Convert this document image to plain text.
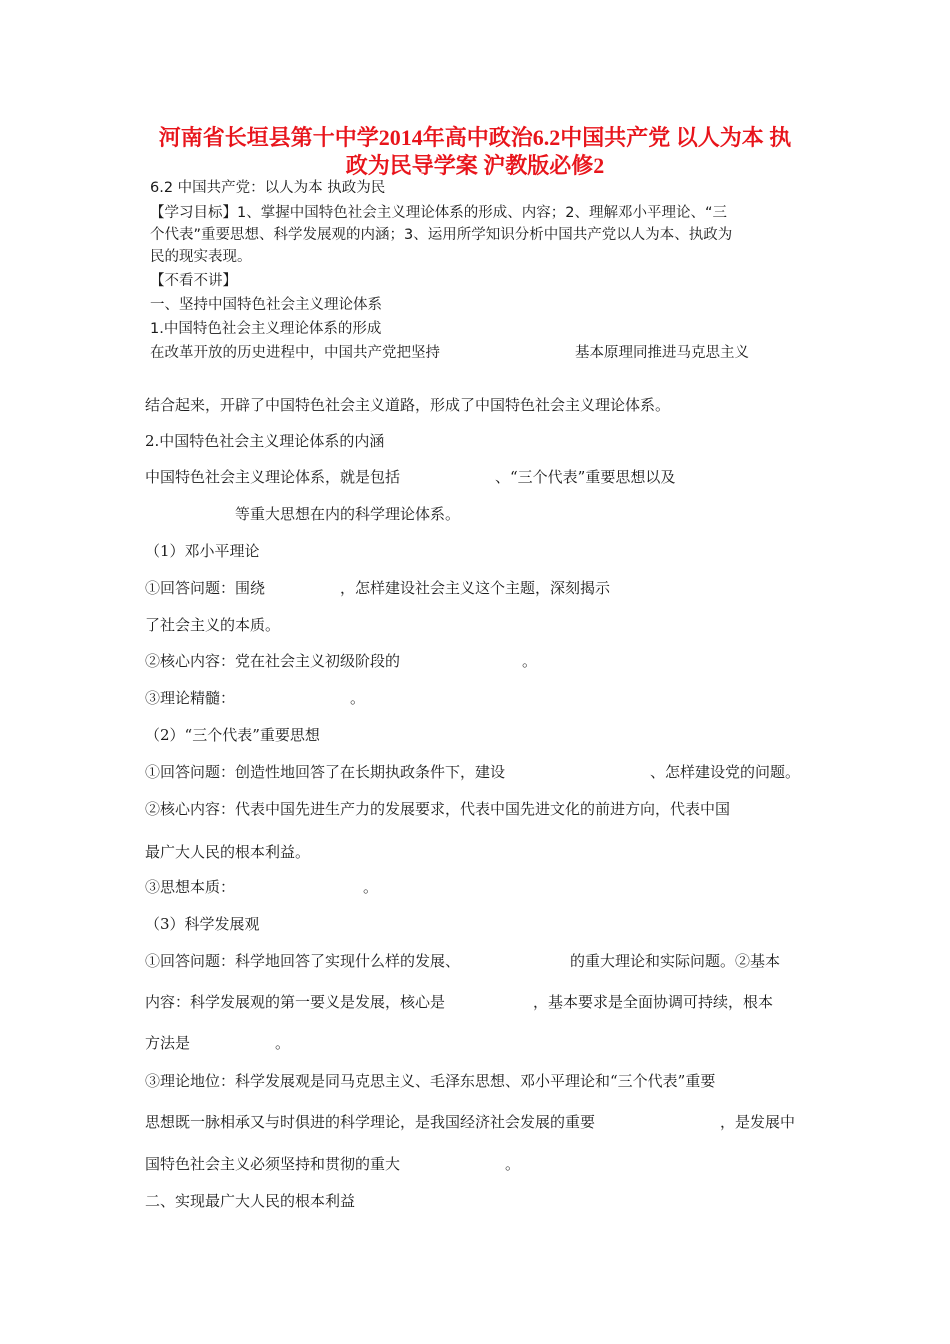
河南省长垣县第十中学2014年高中政治6.2中国共产党 以人为本 执
政为民导学案 沪教版必修2
6.2 中国共产党：以人为本 执政为民
【学习目标】1、掌握中国特色社会主义理论体系的形成、内容；2、理解邓小平理论、“三
个代表”重要思想、科学发展观的内涵；3、运用所学知识分析中国共产党以人为本、执政为
民的现实表现。
【不看不讲】
一、坚持中国特色社会主义理论体系
1.中国特色社会主义理论体系的形成
在改革开放的历史进程中，中国共产党把坚持	基本原理同推进马克思主义
结合起来，开辟了中国特色社会主义道路，形成了中国特色社会主义理论体系。
2.中国特色社会主义理论体系的内涵
中国特色社会主义理论体系，就是包括	、“三个代表”重要思想以及
等重大思想在内的科学理论体系。
（1）邓小平理论
①回答问题：围绕	，怎样建设社会主义这个主题，深刻揭示
了社会主义的本质。
②核心内容：党在社会主义初级阶段的	。
③理论精髓：	。
（2）“三个代表”重要思想
①回答问题：创造性地回答了在长期执政条件下，建设	、怎样建设党的问题。
②核心内容：代表中国先进生产力的发展要求，代表中国先进文化的前进方向，代表中国
最广大人民的根本利益。
③思想本质：	。
（3）科学发展观
①回答问题：科学地回答了实现什么样的发展、	的重大理论和实际问题。②基本
内容：科学发展观的第一要义是发展，核心是	，基本要求是全面协调可持续，根本
方法是	。
③理论地位：科学发展观是同马克思主义、毛泽东思想、邓小平理论和“三个代表”重要
思想既一脉相承又与时俱进的科学理论，是我国经济社会发展的重要	，是发展中
国特色社会主义必须坚持和贯彻的重大	。
二、实现最广大人民的根本利益
